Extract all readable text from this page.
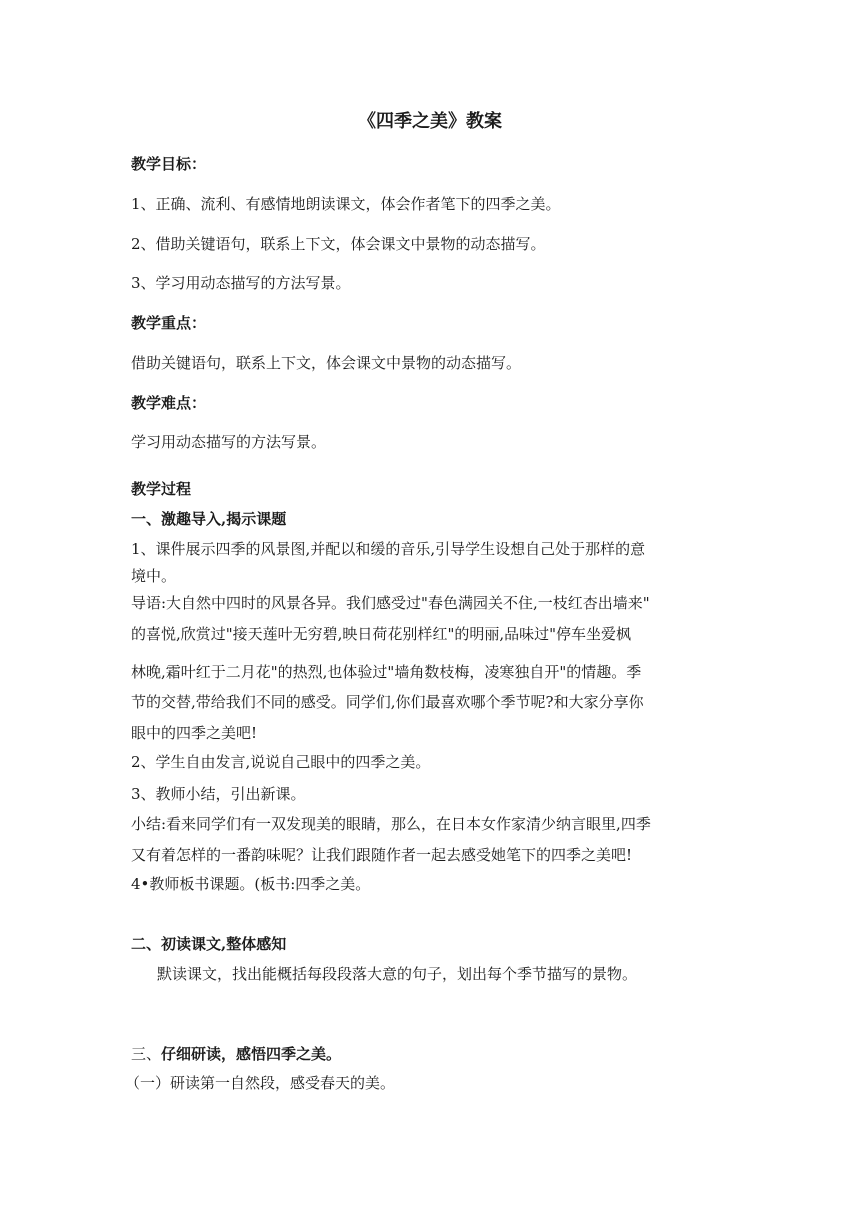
《四季之美》教案
教学目标：
1、正确、流利、有感情地朗读课文，体会作者笔下的四季之美。
2、借助关键语句，联系上下文，体会课文中景物的动态描写。
3、学习用动态描写的方法写景。
教学重点：
借助关键语句，联系上下文，体会课文中景物的动态描写。
教学难点：
学习用动态描写的方法写景。
教学过程
一、激趣导入,揭示课题
1、课件展示四季的风景图,并配以和缓的音乐,引导学生设想自己处于那样的意
境中。
导语:大自然中四时的风景各异。我们感受过"春色满园关不住,一枝红杏出墙来"
的喜悦,欣赏过"接天莲叶无穷碧,映日荷花别样红"的明丽,品味过"停车坐爱枫
林晚,霜叶红于二月花"的热烈,也体验过"墙角数枝梅，凌寒独自开"的情趣。季
节的交替,带给我们不同的感受。同学们,你们最喜欢哪个季节呢?和大家分享你
眼中的四季之美吧!
2、学生自由发言,说说自己眼中的四季之美。
3、教师小结，引出新课。
小结:看来同学们有一双发现美的眼睛，那么，在日本女作家清少纳言眼里,四季
又有着怎样的一番韵味呢？让我们跟随作者一起去感受她笔下的四季之美吧!
4•教师板书课题。(板书:四季之美。
二、初读课文,整体感知
默读课文，找出能概括每段段落大意的句子，划出每个季节描写的景物。
三、仔细研读，感悟四季之美。
（一）研读第一自然段，感受春天的美。
